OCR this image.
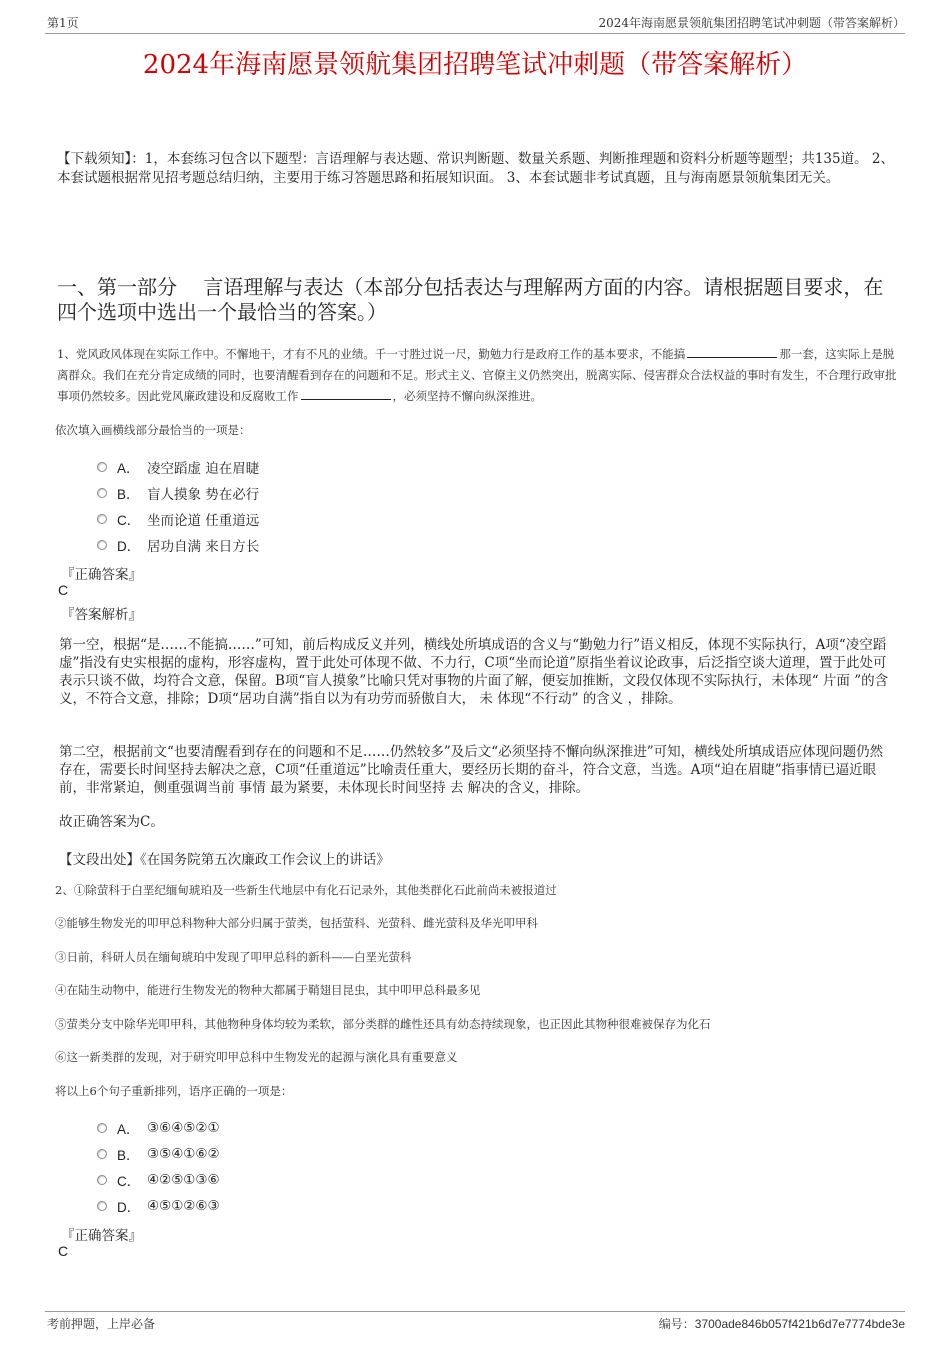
第1页	2024年海南愿景领航集团招聘笔试冲刺题（带答案解析）
2024年海南愿景领航集团招聘笔试冲刺题（带答案解析）
【下载须知】：1，本套练习包含以下题型：言语理解与表达题、常识判断题、数量关系题、判断推理题和资料分析题等题型；共135道。 2、本套试题根据常见招考题总结归纳，主要用于练习答题思路和拓展知识面。 3、本套试题非考试真题，且与海南愿景领航集团无关。
一、第一部分　 言语理解与表达（本部分包括表达与理解两方面的内容。请根据题目要求，在四个选项中选出一个最恰当的答案。）
1、党风政风体现在实际工作中。不懈地干，才有不凡的业绩。千一寸胜过说一尺，勤勉力行是政府工作的基本要求，不能搞	那一套，这实际上是脱离群众。我们在充分肯定成绩的同时，也要清醒看到存在的问题和不足。形式主义、官僚主义仍然突出，脱离实际、侵害群众合法权益的事时有发生，不合理行政审批事项仍然较多。因此党风廉政建设和反腐败工作	，必须坚持不懈向纵深推进。
依次填入画横线部分最恰当的一项是：
A． 凌空蹈虚 迫在眉睫
B． 盲人摸象 势在必行
C． 坐而论道 任重道远
D． 居功自满 来日方长
『正确答案』
C
『答案解析』
第一空，根据“是……不能搞……”可知，前后构成反义并列，横线处所填成语的含义与“勤勉力行”语义相反，体现不实际执行，A项“凌空蹈虚”指没有史实根据的虚构，形容虚构，置于此处可体现不做、不力行，C项“坐而论道”原指坐着议论政事，后泛指空谈大道理，置于此处可表示只谈不做，均符合文意，保留。B项“盲人摸象”比喻只凭对事物的片面了解，便妄加推断，文段仅体现不实际执行，未体现“ 片面 ”的含义，不符合文意，排除；D项“居功自满”指自以为有功劳而骄傲自大， 未 体现“不行动” 的含义 ，排除。
第二空，根据前文“也要清醒看到存在的问题和不足……仍然较多”及后文“必须坚持不懈向纵深推进”可知，横线处所填成语应体现问题仍然存在，需要长时间坚持去解决之意，C项“任重道远”比喻责任重大，要经历长期的奋斗，符合文意，当选。A项“迫在眉睫”指事情已逼近眼前，非常紧迫，侧重强调当前 事情 最为紧要，未体现长时间坚持 去 解决的含义，排除。
故正确答案为C。
【文段出处】《在国务院第五次廉政工作会议上的讲话》
2、①除萤科于白垩纪缅甸琥珀及一些新生代地层中有化石记录外，其他类群化石此前尚未被报道过
②能够生物发光的叩甲总科物种大部分归属于萤类，包括萤科、光萤科、雌光萤科及华光叩甲科
③日前，科研人员在缅甸琥珀中发现了叩甲总科的新科——白垩光萤科
④在陆生动物中，能进行生物发光的物种大都属于鞘翅目昆虫，其中叩甲总科最多见
⑤萤类分支中除华光叩甲科，其他物种身体均较为柔软，部分类群的雌性还具有幼态持续现象，也正因此其物种很难被保存为化石
⑥这一新类群的发现，对于研究叩甲总科中生物发光的起源与演化具有重要意义
将以上6个句子重新排列，语序正确的一项是：
A． ③⑥④⑤②①
B． ③⑤④①⑥②
C． ④②⑤①③⑥
D． ④⑤①②⑥③
『正确答案』
C
考前押题，上岸必备	编号：3700ade846b057f421b6d7e7774bde3e
